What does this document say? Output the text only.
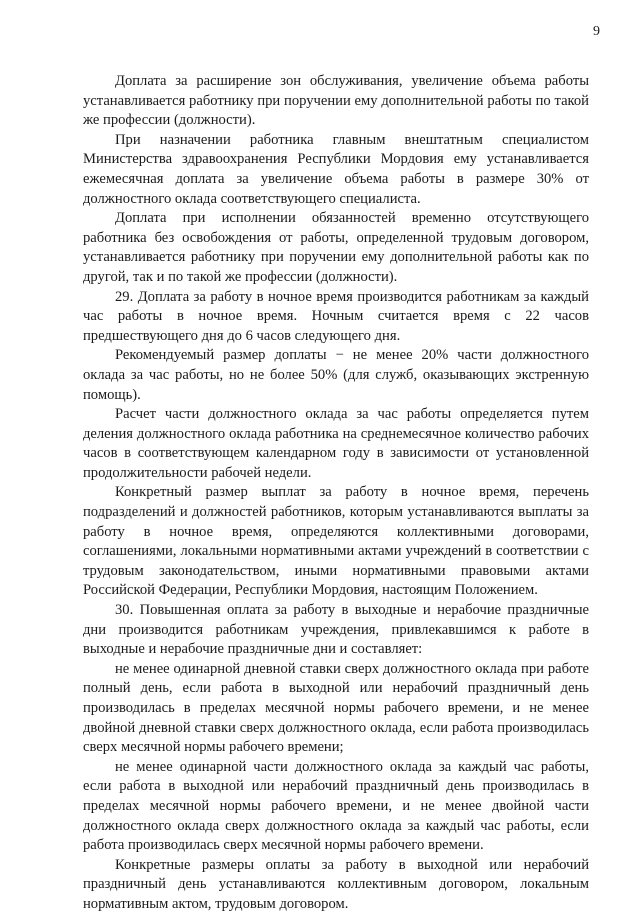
9

Доплата за расширение зон обслуживания, увеличение объема работы устанавливается работнику при поручении ему дополнительной работы по такой же профессии (должности).

При назначении работника главным внештатным специалистом Министерства здравоохранения Республики Мордовия ему устанавливается ежемесячная доплата за увеличение объема работы в размере 30% от должностного оклада соответствующего специалиста.

Доплата при исполнении обязанностей временно отсутствующего работника без освобождения от работы, определенной трудовым договором, устанавливается работнику при поручении ему дополнительной работы как по другой, так и по такой же профессии (должности).

29. Доплата за работу в ночное время производится работникам за каждый час работы в ночное время. Ночным считается время с 22 часов предшествующего дня до 6 часов следующего дня.

Рекомендуемый размер доплаты − не менее 20% части должностного оклада за час работы, но не более 50% (для служб, оказывающих экстренную помощь).

Расчет части должностного оклада за час работы определяется путем деления должностного оклада работника на среднемесячное количество рабочих часов в соответствующем календарном году в зависимости от установленной продолжительности рабочей недели.

Конкретный размер выплат за работу в ночное время, перечень подразделений и должностей работников, которым устанавливаются выплаты за работу в ночное время, определяются коллективными договорами, соглашениями, локальными нормативными актами учреждений в соответствии с трудовым законодательством, иными нормативными правовыми актами Российской Федерации, Республики Мордовия, настоящим Положением.

30. Повышенная оплата за работу в выходные и нерабочие праздничные дни производится работникам учреждения, привлекавшимся к работе в выходные и нерабочие праздничные дни и составляет:

не менее одинарной дневной ставки сверх должностного оклада при работе полный день, если работа в выходной или нерабочий праздничный день производилась в пределах месячной нормы рабочего времени, и не менее двойной дневной ставки сверх должностного оклада, если работа производилась сверх месячной нормы рабочего времени;

не менее одинарной части должностного оклада за каждый час работы, если работа в выходной или нерабочий праздничный день производилась в пределах месячной нормы рабочего времени, и не менее двойной части должностного оклада сверх должностного оклада за каждый час работы, если работа производилась сверх месячной нормы рабочего времени.

Конкретные размеры оплаты за работу в выходной или нерабочий праздничный день устанавливаются коллективным договором, локальным нормативным актом, трудовым договором.
